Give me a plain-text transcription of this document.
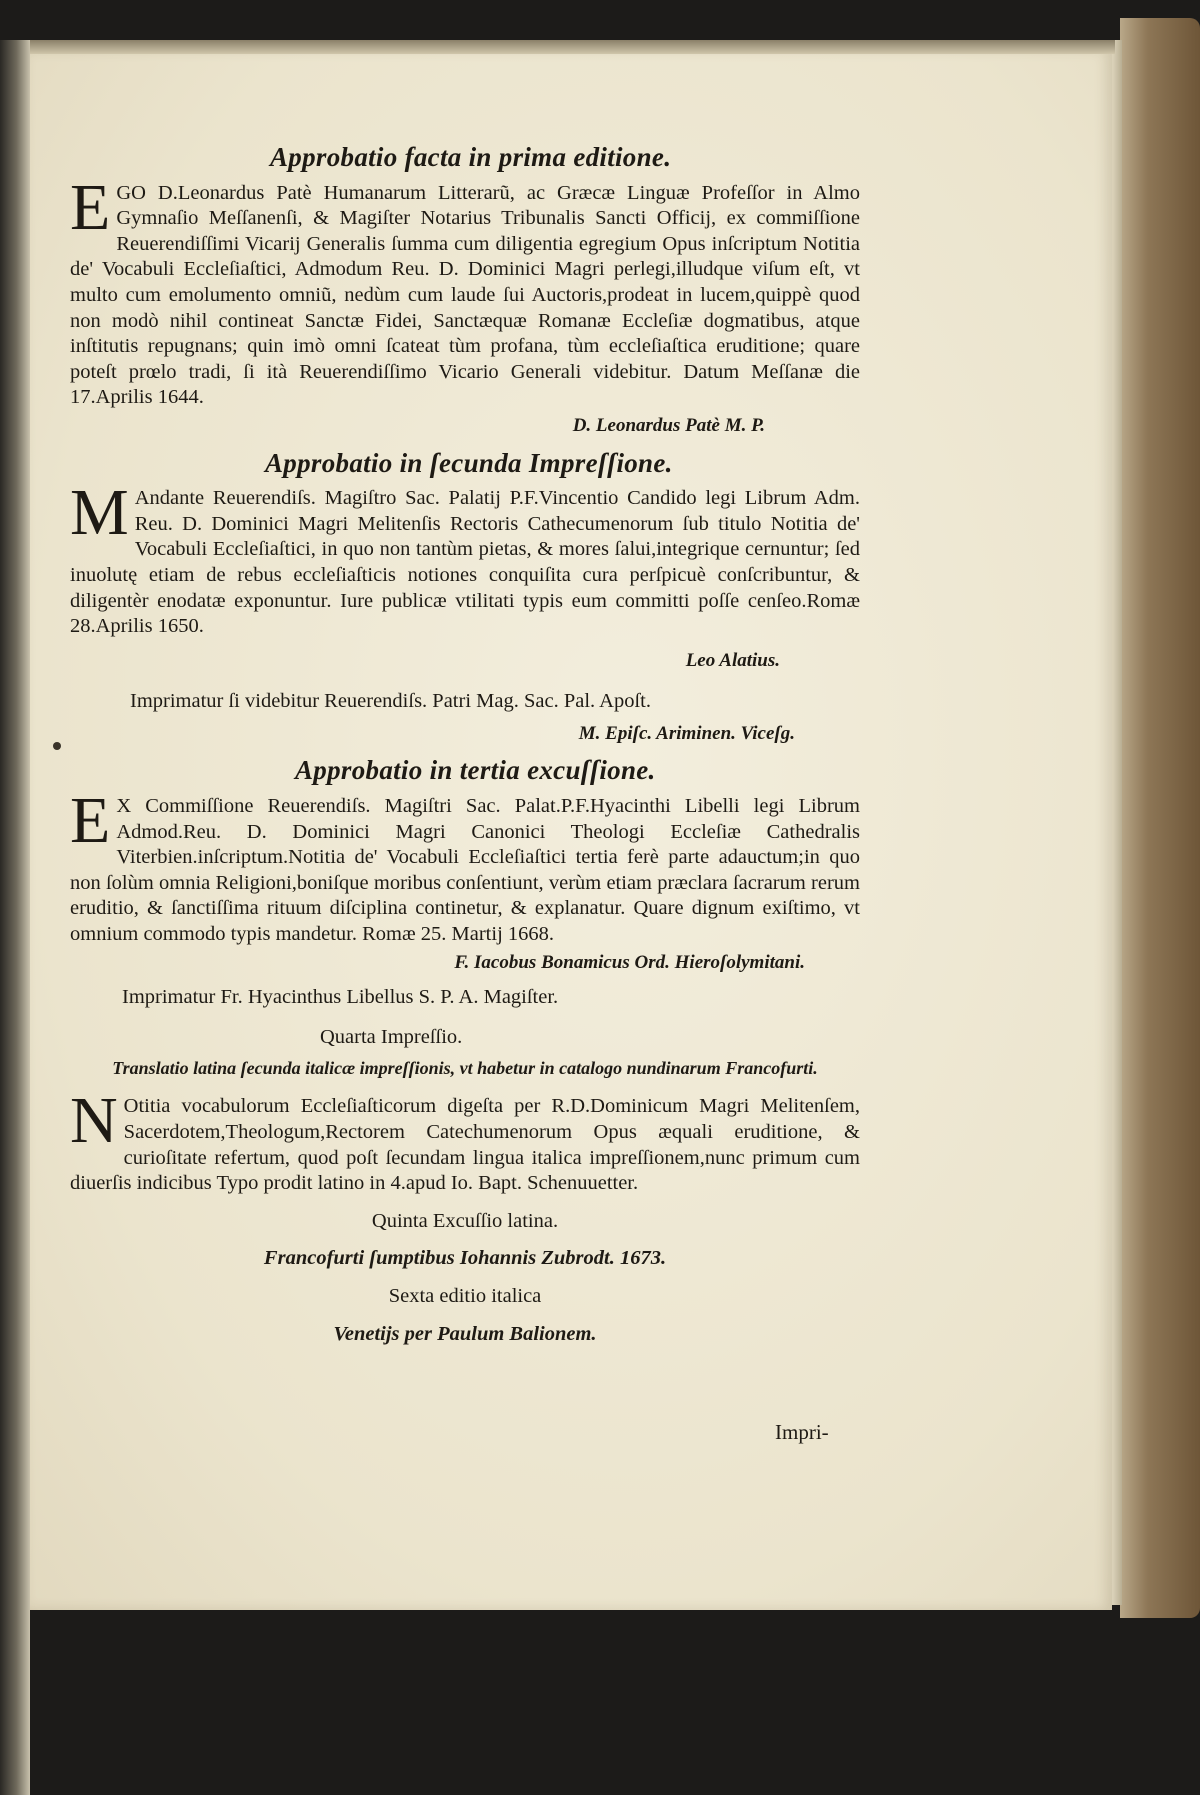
Approbatio facta in prima editione.

EGO D.Leonardus Patè Humanarum Litterarũ, ac Græcæ Linguæ Profeſſor in Almo Gymnaſio Meſſanenſi, & Magiſter Notarius Tribunalis Sancti Officij, ex commiſſione Reuerendiſſimi Vicarij Generalis ſumma cum diligentia egregium Opus inſcriptum Notitia de' Vocabuli Eccleſiaſtici, Admodum Reu. D. Dominici Magri perlegi,illudque viſum eſt, vt multo cum emolumento omniũ, nedùm cum laude ſui Auctoris,prodeat in lucem,quippè quod non modò nihil contineat Sanctæ Fidei, Sanctæquæ Romanæ Eccleſiæ dogmatibus, atque inſtitutis repugnans; quin imò omni ſcateat tùm profana, tùm eccleſiaſtica eruditione; quare poteſt prœlo tradi, ſi ità Reuerendiſſimo Vicario Generali videbitur. Datum Meſſanæ die 17.Aprilis 1644.

D. Leonardus Patè M. P.
Approbatio in ſecunda Impreſſione.

M Andante Reuerendiſs. Magiſtro Sac. Palatij P.F.Vincentio Candido legi Librum Adm. Reu. D. Dominici Magri Melitenſis Rectoris Cathecumenorum ſub titulo Notitia de' Vocabuli Eccleſiaſtici, in quo non tantùm pietas, & mores ſalui,integrique cernuntur; ſed inuolutę etiam de rebus eccleſiaſticis notiones conquiſita cura perſpicuè conſcribuntur, & diligentèr enodatæ exponuntur. Iure publicæ vtilitati typis eum committi poſſe cenſeo.Romæ 28.Aprilis 1650.

Leo Alatius.
Imprimatur ſi videbitur Reuerendiſs. Patri Mag. Sac. Pal. Apoſt.
M. Epiſc. Ariminen. Viceſg.
Approbatio in tertia excuſſione.

E X Commiſſione Reuerendiſs. Magiſtri Sac. Palat.P.F.Hyacinthi Libelli legi Librum Admod.Reu. D. Dominici Magri Canonici Theologi Eccleſiæ Cathedralis Viterbien.inſcriptum.Notitia de' Vocabuli Eccleſiaſtici tertia ferè parte adauctum;in quo non ſolùm omnia Religioni,boniſque moribus conſentiunt, verùm etiam præclara ſacrarum rerum eruditio, & ſanctiſſima rituum diſciplina continetur, & explanatur. Quare dignum exiſtimo, vt omnium commodo typis mandetur. Romæ 25. Martij 1668.

F. Iacobus Bonamicus Ord. Hieroſolymitani.
Imprimatur Fr. Hyacinthus Libellus S. P. A. Magiſter.
Quarta Impreſſio.
Translatio latina ſecunda italicæ impreſſionis, vt habetur in catalogo nundinarum Francofurti.

N Otitia vocabulorum Eccleſiaſticorum digeſta per R.D.Dominicum Magri Melitenſem, Sacerdotem,Theologum,Rectorem Catechumenorum Opus æquali eruditione, & curioſitate refertum, quod poſt ſecundam lingua italica impreſſionem,nunc primum cum diuerſis indicibus Typo prodit latino in 4.apud Io. Bapt. Schenuuetter.

Quinta Excuſſio latina.
Francofurti ſumptibus Iohannis Zubrodt. 1673.
Sexta editio italica
Venetijs per Paulum Balionem.
Impri-
